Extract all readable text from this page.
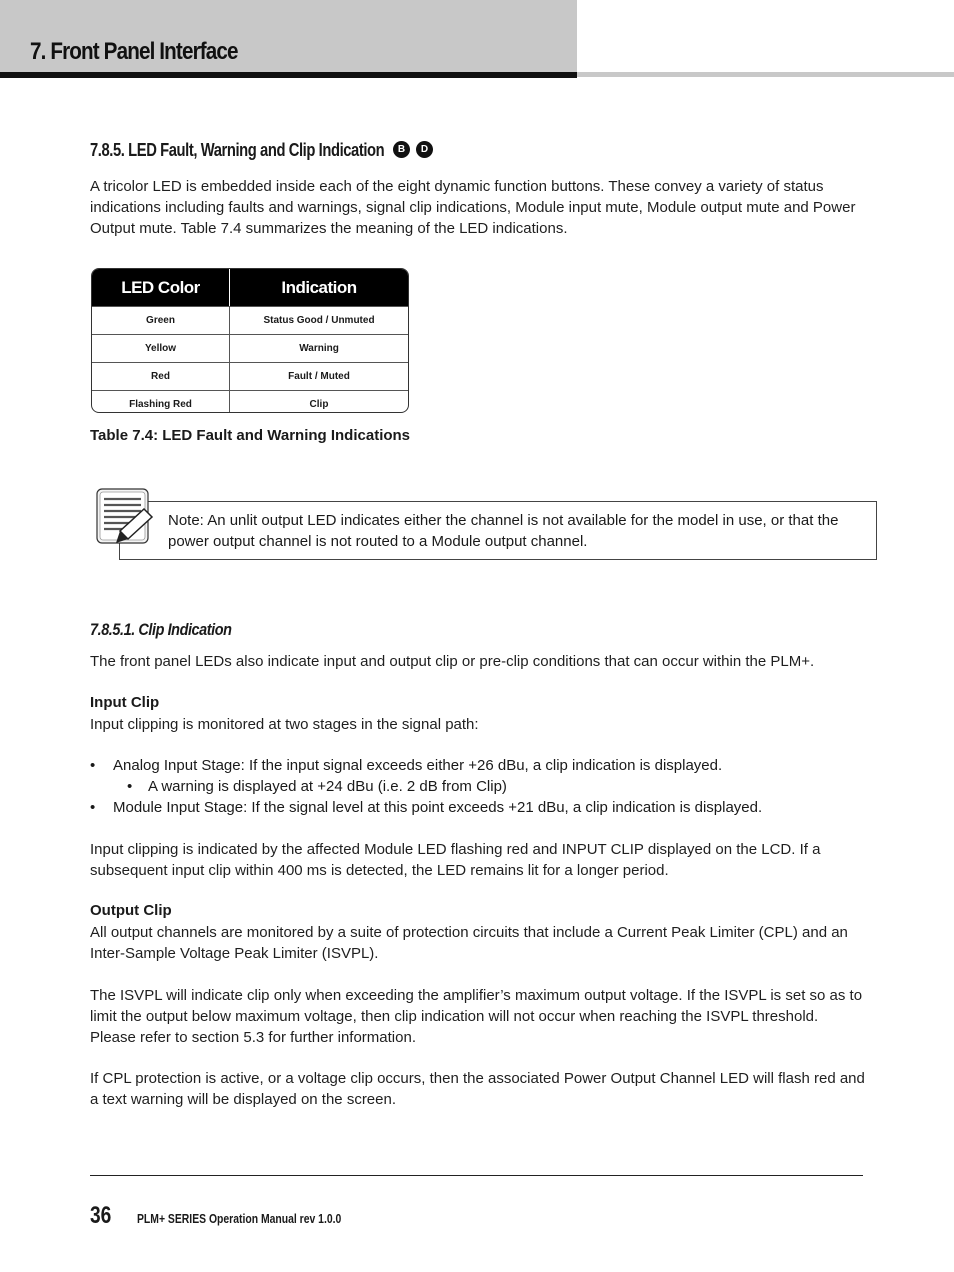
7. Front Panel Interface
7.8.5. LED Fault, Warning and Clip Indication	B	D
A tricolor LED is embedded inside each of the eight dynamic function buttons. These convey a variety of status indications including faults and warnings, signal clip indications, Module input mute, Module output mute and Power Output mute. Table 7.4 summarizes the meaning of the LED indications.
LED Color	Indication
Green	Status Good / Unmuted
Yellow	Warning
Red	Fault / Muted
Flashing Red	Clip
Table 7.4: LED Fault and Warning Indications
Note: An unlit output LED indicates either the channel is not available for the model in use, or that the power output channel is not routed to a Module output channel.
7.8.5.1. Clip Indication
The front panel LEDs also indicate input and output clip or pre-clip conditions that can occur within the PLM+.
Input Clip
Input clipping is monitored at two stages in the signal path:
• Analog Input Stage: If the input signal exceeds either +26 dBu, a clip indication is displayed.
• A warning is displayed at +24 dBu (i.e. 2 dB from Clip)
• Module Input Stage: If the signal level at this point exceeds +21 dBu, a clip indication is displayed.
Input clipping is indicated by the affected Module LED flashing red and INPUT CLIP displayed on the LCD. If a subsequent input clip within 400 ms is detected, the LED remains lit for a longer period.
Output Clip
All output channels are monitored by a suite of protection circuits that include a Current Peak Limiter (CPL) and an Inter-Sample Voltage Peak Limiter (ISVPL).
The ISVPL will indicate clip only when exceeding the amplifier’s maximum output voltage. If the ISVPL is set so as to limit the output below maximum voltage, then clip indication will not occur when reaching the ISVPL threshold. Please refer to section 5.3 for further information.
If CPL protection is active, or a voltage clip occurs, then the associated Power Output Channel LED will flash red and a text warning will be displayed on the screen.
36 PLM+ SERIES Operation Manual rev 1.0.0
